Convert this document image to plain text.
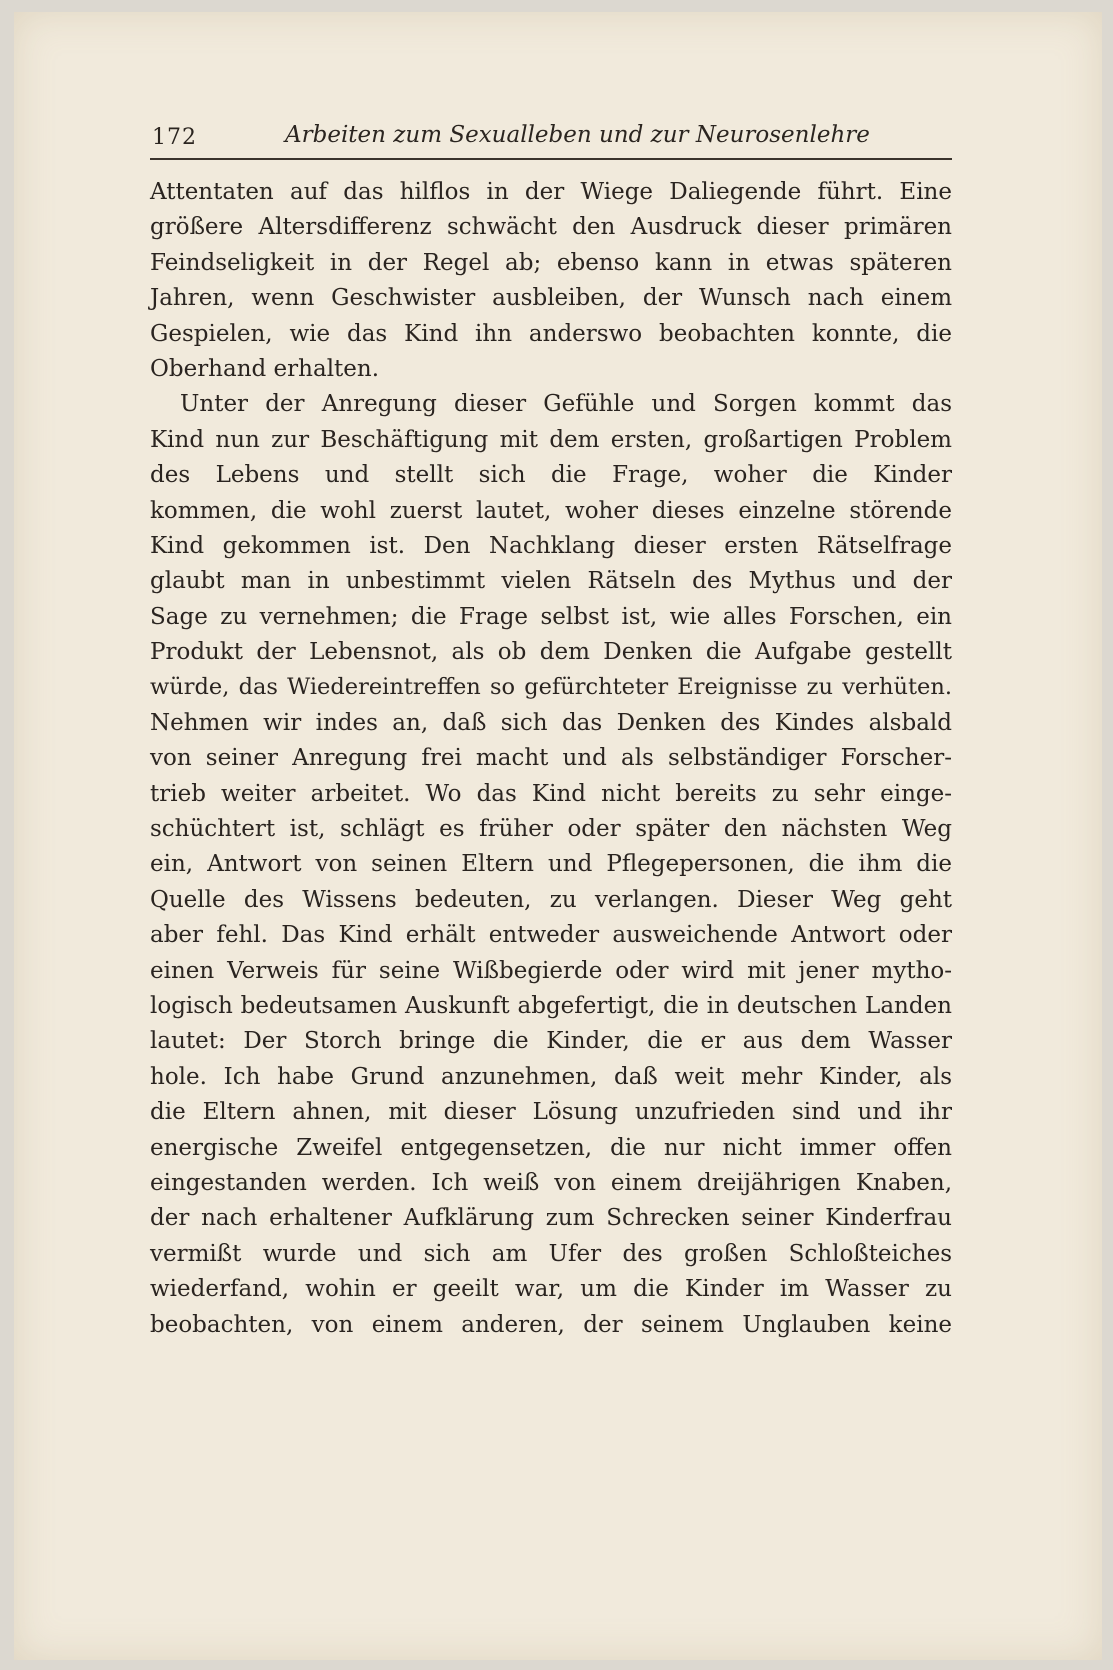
172	Arbeiten zum Sexualleben und zur Neurosenlehre
Attentaten auf das hilflos in der Wiege Daliegende führt. Eine
größere Altersdifferenz schwächt den Ausdruck dieser primären
Feindseligkeit in der Regel ab; ebenso kann in etwas späteren
Jahren, wenn Geschwister ausbleiben, der Wunsch nach einem
Gespielen, wie das Kind ihn anderswo beobachten konnte, die
Oberhand erhalten.
Unter der Anregung dieser Gefühle und Sorgen kommt das
Kind nun zur Beschäftigung mit dem ersten, großartigen Problem
des Lebens und stellt sich die Frage, woher die Kinder
kommen, die wohl zuerst lautet, woher dieses einzelne störende
Kind gekommen ist. Den Nachklang dieser ersten Rätselfrage
glaubt man in unbestimmt vielen Rätseln des Mythus und der
Sage zu vernehmen; die Frage selbst ist, wie alles Forschen, ein
Produkt der Lebensnot, als ob dem Denken die Aufgabe gestellt
würde, das Wiedereintreffen so gefürchteter Ereignisse zu verhüten.
Nehmen wir indes an, daß sich das Denken des Kindes alsbald
von seiner Anregung frei macht und als selbständiger Forscher-
trieb weiter arbeitet. Wo das Kind nicht bereits zu sehr einge-
schüchtert ist, schlägt es früher oder später den nächsten Weg
ein, Antwort von seinen Eltern und Pflegepersonen, die ihm die
Quelle des Wissens bedeuten, zu verlangen. Dieser Weg geht
aber fehl. Das Kind erhält entweder ausweichende Antwort oder
einen Verweis für seine Wißbegierde oder wird mit jener mytho-
logisch bedeutsamen Auskunft abgefertigt, die in deutschen Landen
lautet: Der Storch bringe die Kinder, die er aus dem Wasser
hole. Ich habe Grund anzunehmen, daß weit mehr Kinder, als
die Eltern ahnen, mit dieser Lösung unzufrieden sind und ihr
energische Zweifel entgegensetzen, die nur nicht immer offen
eingestanden werden. Ich weiß von einem dreijährigen Knaben,
der nach erhaltener Aufklärung zum Schrecken seiner Kinderfrau
vermißt wurde und sich am Ufer des großen Schloßteiches
wiederfand, wohin er geeilt war, um die Kinder im Wasser zu
beobachten, von einem anderen, der seinem Unglauben keine
